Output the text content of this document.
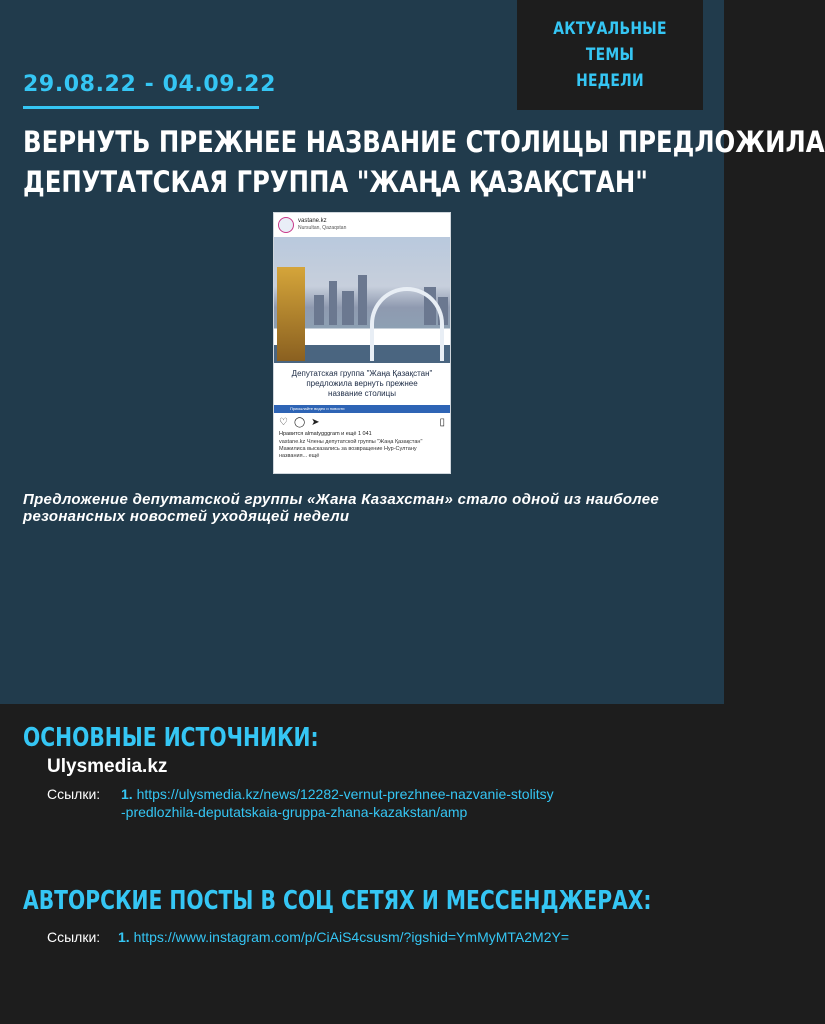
АКТУАЛЬНЫЕ ТЕМЫ
НЕДЕЛИ
29.08.22 - 04.09.22
ВЕРНУТЬ ПРЕЖНЕЕ НАЗВАНИЕ СТОЛИЦЫ ПРЕДЛОЖИЛА
ДЕПУТАТСКАЯ ГРУППА "ЖАҢА ҚАЗАҚСТАН"
vastane.kz
Nursultan, Qazaqstan
Депутатская группа "Жаңа Қазақстан"
предложила вернуть прежнее
название столицы
Присылайте видео и новости
♡ ◯ ➤	▯
Нравится almatygggram и ещё 1 041
vastane.kz Члены депутатской группы "Жаңа Қазақстан" Мажилиса высказались за возвращение Нур-Султану названия... ещё
Предложение депутатской группы «Жана Казахстан» стало одной из наиболее резонансных новостей уходящей недели
ОСНОВНЫЕ ИСТОЧНИКИ:
Ulysmedia.kz
Ссылки: 1. https://ulysmedia.kz/news/12282-vernut-prezhnee-nazvanie-stolitsy
-predlozhila-deputatskaia-gruppa-zhana-kazakstan/amp
АВТОРСКИЕ ПОСТЫ В СОЦ СЕТЯХ И МЕССЕНДЖЕРАХ:
Ссылки: 1. https://www.instagram.com/p/CiAiS4csusm/?igshid=YmMyMTA2M2Y=
